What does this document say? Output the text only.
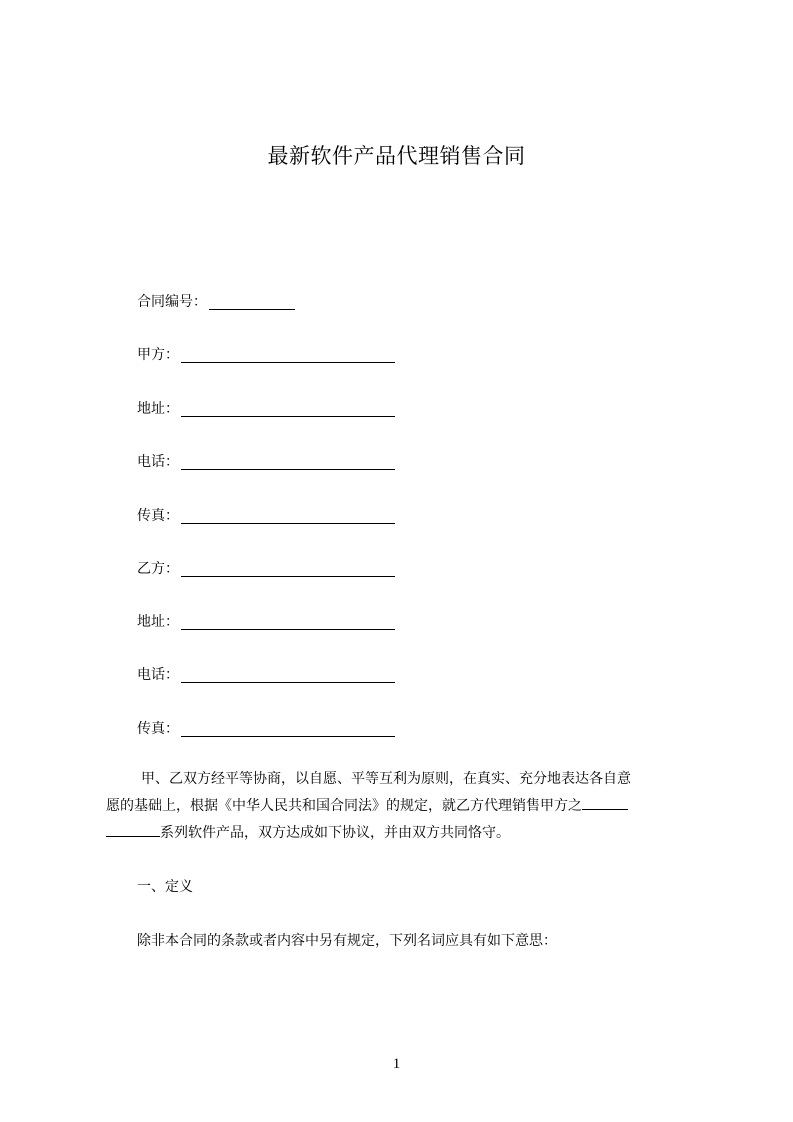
最新软件产品代理销售合同
合同编号：
甲方：
地址：
电话：
传真：
乙方：
地址：
电话：
传真：
甲、乙双方经平等协商，以自愿、平等互利为原则，在真实、充分地表达各自意
愿的基础上，根据《中华人民共和国合同法》的规定，就乙方代理销售甲方之
系列软件产品，双方达成如下协议，并由双方共同恪守。
一、定义
除非本合同的条款或者内容中另有规定，下列名词应具有如下意思：
1
